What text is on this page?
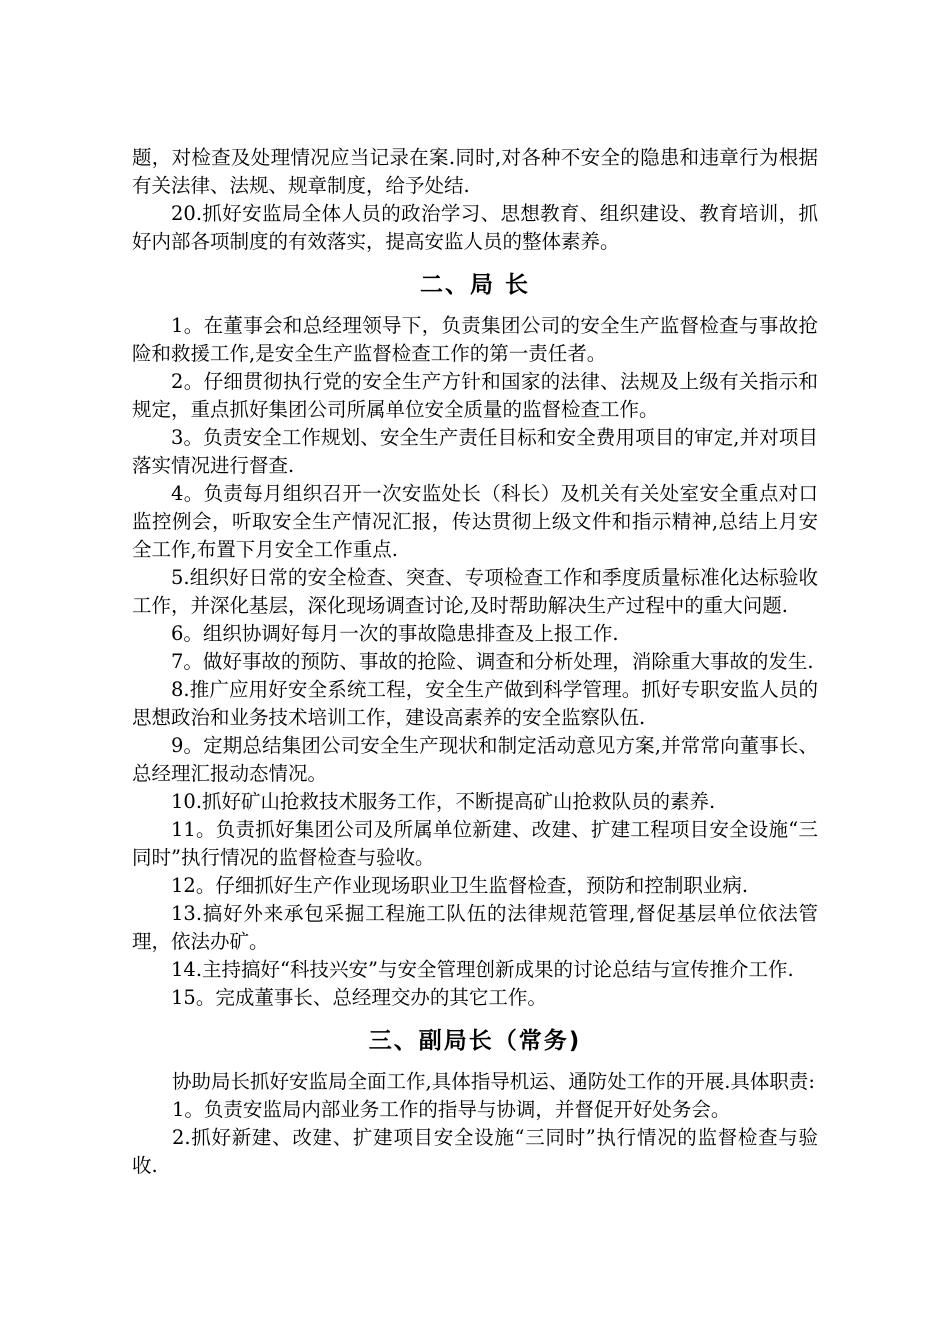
题，对检查及处理情况应当记录在案.同时,对各种不安全的隐患和违章行为根据有关法律、法规、规章制度，给予处结.

20.抓好安监局全体人员的政治学习、思想教育、组织建设、教育培训，抓好内部各项制度的有效落实，提高安监人员的整体素养。

二、局 长

1。在董事会和总经理领导下，负责集团公司的安全生产监督检查与事故抢险和救援工作,是安全生产监督检查工作的第一责任者。

2。仔细贯彻执行党的安全生产方针和国家的法律、法规及上级有关指示和规定，重点抓好集团公司所属单位安全质量的监督检查工作。

3。负责安全工作规划、安全生产责任目标和安全费用项目的审定,并对项目落实情况进行督查.

4。负责每月组织召开一次安监处长（科长）及机关有关处室安全重点对口监控例会，听取安全生产情况汇报，传达贯彻上级文件和指示精神,总结上月安全工作,布置下月安全工作重点.

5.组织好日常的安全检查、突查、专项检查工作和季度质量标准化达标验收工作，并深化基层，深化现场调查讨论,及时帮助解决生产过程中的重大问题.

6。组织协调好每月一次的事故隐患排查及上报工作.

7。做好事故的预防、事故的抢险、调查和分析处理，消除重大事故的发生.

8.推广应用好安全系统工程，安全生产做到科学管理。抓好专职安监人员的思想政治和业务技术培训工作，建设高素养的安全监察队伍.

9。定期总结集团公司安全生产现状和制定活动意见方案,并常常向董事长、总经理汇报动态情况。

10.抓好矿山抢救技术服务工作，不断提高矿山抢救队员的素养.

11。负责抓好集团公司及所属单位新建、改建、扩建工程项目安全设施“三同时”执行情况的监督检查与验收。

12。仔细抓好生产作业现场职业卫生监督检查，预防和控制职业病.

13.搞好外来承包采掘工程施工队伍的法律规范管理,督促基层单位依法管理，依法办矿。

14.主持搞好“科技兴安”与安全管理创新成果的讨论总结与宣传推介工作.

15。完成董事长、总经理交办的其它工作。

三、副局长（常务)

协助局长抓好安监局全面工作,具体指导机运、通防处工作的开展.具体职责:

1。负责安监局内部业务工作的指导与协调，并督促开好处务会。

2.抓好新建、改建、扩建项目安全设施“三同时”执行情况的监督检查与验收.
